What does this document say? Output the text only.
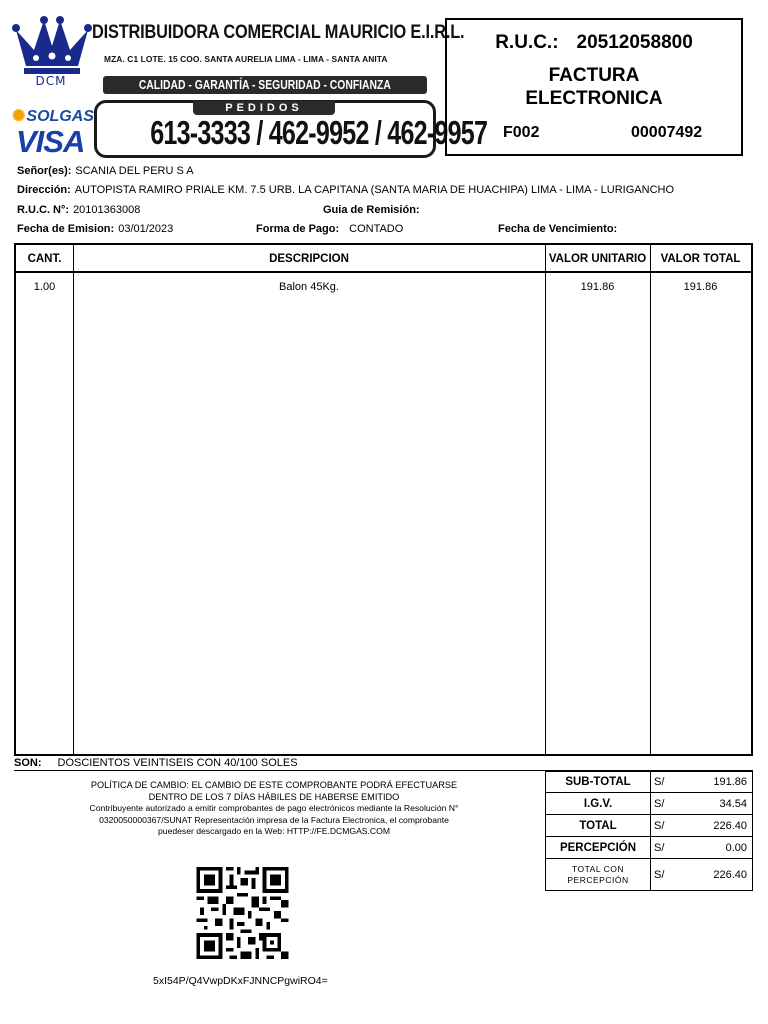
DCM
DISTRIBUIDORA COMERCIAL MAURICIO E.I.R.L.
MZA. C1 LOTE. 15 COO. SANTA AURELIA LIMA - LIMA - SANTA ANITA
CALIDAD - GARANTÍA - SEGURIDAD - CONFIANZA
✺SOLGAS
VISA
PEDIDOS
613-3333 / 462-9952 / 462-9957
R.U.C.: 20512058800
FACTURA
ELECTRONICA
F002	00007492
Señor(es): SCANIA DEL PERU S A
Dirección: AUTOPISTA RAMIRO PRIALE KM. 7.5 URB. LA CAPITANA (SANTA MARIA DE HUACHIPA) LIMA - LIMA - LURIGANCHO
R.U.C. N°: 20101363008	Guia de Remisión:
Fecha de Emision: 03/01/2023	Forma de Pago: CONTADO	Fecha de Vencimiento:
CANT.	DESCRIPCION	VALOR UNITARIO	VALOR TOTAL
1.00	Balon 45Kg.	191.86	191.86
SON: DOSCIENTOS VEINTISEIS CON 40/100 SOLES
POLÍTICA DE CAMBIO: EL CAMBIO DE ESTE COMPROBANTE PODRÁ EFECTUARSE
DENTRO DE LOS 7 DÍAS HÁBILES DE HABERSE EMITIDO
Contribuyente autorizado a emitir comprobantes de pago electrónicos mediante la Resolución N°
0320050000367/SUNAT Representación impresa de la Factura Electronica, el comprobante
puedeser descargado en la Web: HTTP://FE.DCMGAS.COM
SUB-TOTAL	S/	191.86
I.G.V.	S/	34.54
TOTAL	S/	226.40
PERCEPCIÓN	S/	0.00
TOTAL CON
PERCEPCIÓN S/	226.40
5xI54P/Q4VwpDKxFJNNCPgwiRO4=
